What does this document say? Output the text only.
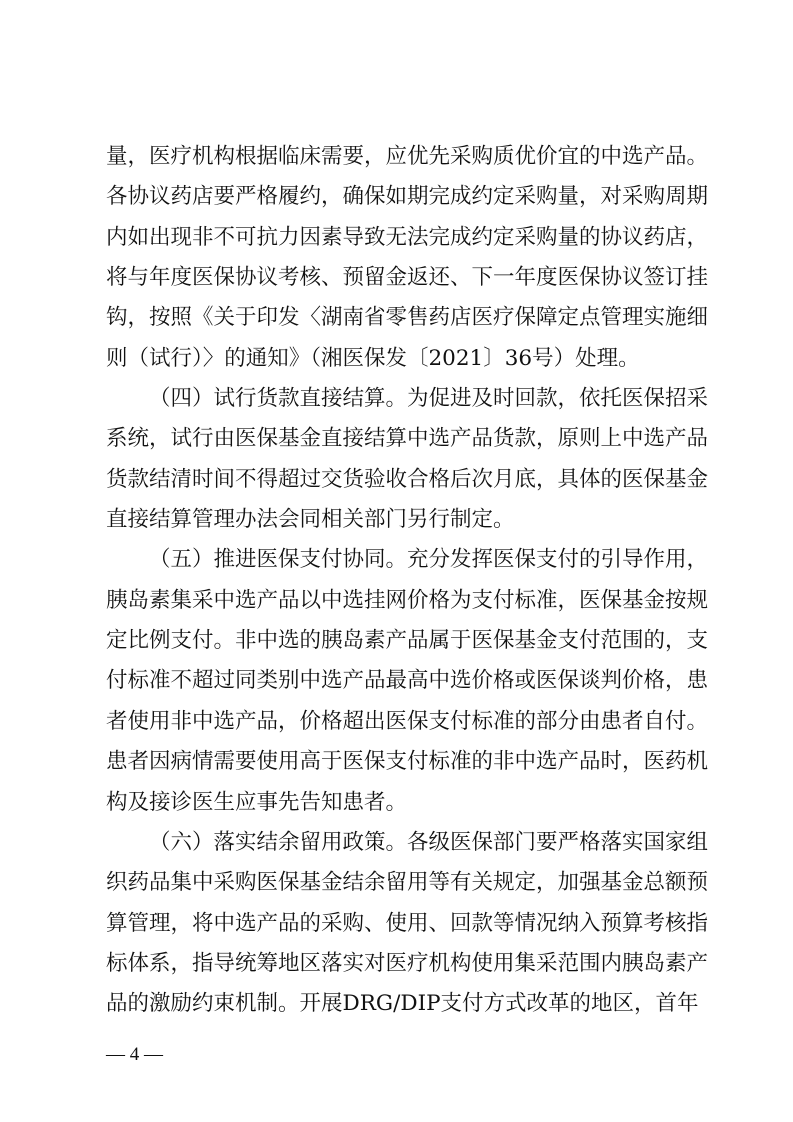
量，医疗机构根据临床需要，应优先采购质优价宜的中选产品。
各协议药店要严格履约，确保如期完成约定采购量，对采购周期
内如出现非不可抗力因素导致无法完成约定采购量的协议药店，
将与年度医保协议考核、预留金返还、下一年度医保协议签订挂
钩，按照《关于印发〈湖南省零售药店医疗保障定点管理实施细
则（试行）〉的通知》（湘医保发〔2021〕36号）处理。
（四）试行货款直接结算。为促进及时回款，依托医保招采
系统，试行由医保基金直接结算中选产品货款，原则上中选产品
货款结清时间不得超过交货验收合格后次月底，具体的医保基金
直接结算管理办法会同相关部门另行制定。
（五）推进医保支付协同。充分发挥医保支付的引导作用，
胰岛素集采中选产品以中选挂网价格为支付标准，医保基金按规
定比例支付。非中选的胰岛素产品属于医保基金支付范围的，支
付标准不超过同类别中选产品最高中选价格或医保谈判价格，患
者使用非中选产品，价格超出医保支付标准的部分由患者自付。
患者因病情需要使用高于医保支付标准的非中选产品时，医药机
构及接诊医生应事先告知患者。
（六）落实结余留用政策。各级医保部门要严格落实国家组
织药品集中采购医保基金结余留用等有关规定，加强基金总额预
算管理，将中选产品的采购、使用、回款等情况纳入预算考核指
标体系，指导统筹地区落实对医疗机构使用集采范围内胰岛素产
品的激励约束机制。开展DRG/DIP支付方式改革的地区，首年
— 4 —
